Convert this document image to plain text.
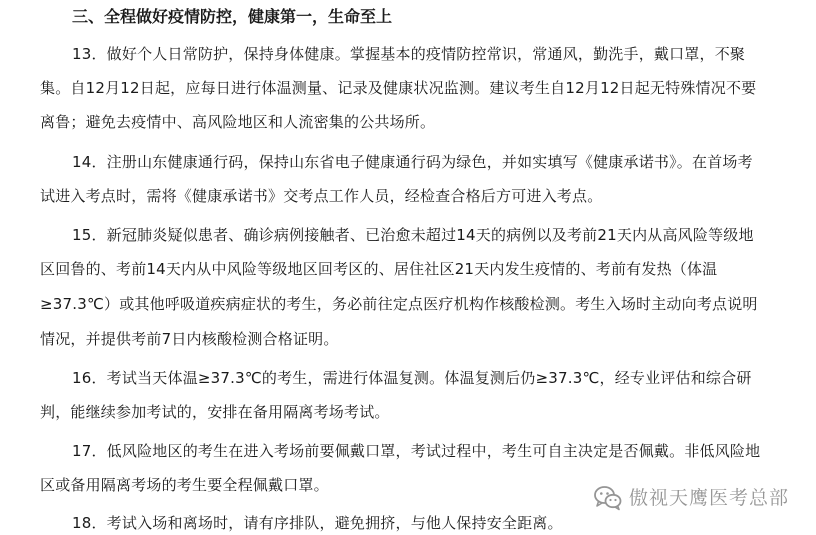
三、全程做好疫情防控，健康第一，生命至上
13．做好个人日常防护，保持身体健康。掌握基本的疫情防控常识，常通风，勤洗手，戴口罩，不聚
集。自12月12日起，应每日进行体温测量、记录及健康状况监测。建议考生自12月12日起无特殊情况不要
离鲁；避免去疫情中、高风险地区和人流密集的公共场所。
14．注册山东健康通行码，保持山东省电子健康通行码为绿色，并如实填写《健康承诺书》。在首场考
试进入考点时，需将《健康承诺书》交考点工作人员，经检查合格后方可进入考点。
15．新冠肺炎疑似患者、确诊病例接触者、已治愈未超过14天的病例以及考前21天内从高风险等级地
区回鲁的、考前14天内从中风险等级地区回考区的、居住社区21天内发生疫情的、考前有发热（体温
≥37.3℃）或其他呼吸道疾病症状的考生，务必前往定点医疗机构作核酸检测。考生入场时主动向考点说明
情况，并提供考前7日内核酸检测合格证明。
16．考试当天体温≥37.3℃的考生，需进行体温复测。体温复测后仍≥37.3℃，经专业评估和综合研
判，能继续参加考试的，安排在备用隔离考场考试。
17．低风险地区的考生在进入考场前要佩戴口罩，考试过程中，考生可自主决定是否佩戴。非低风险地
区或备用隔离考场的考生要全程佩戴口罩。
18．考试入场和离场时，请有序排队，避免拥挤，与他人保持安全距离。
傲视天鹰医考总部
